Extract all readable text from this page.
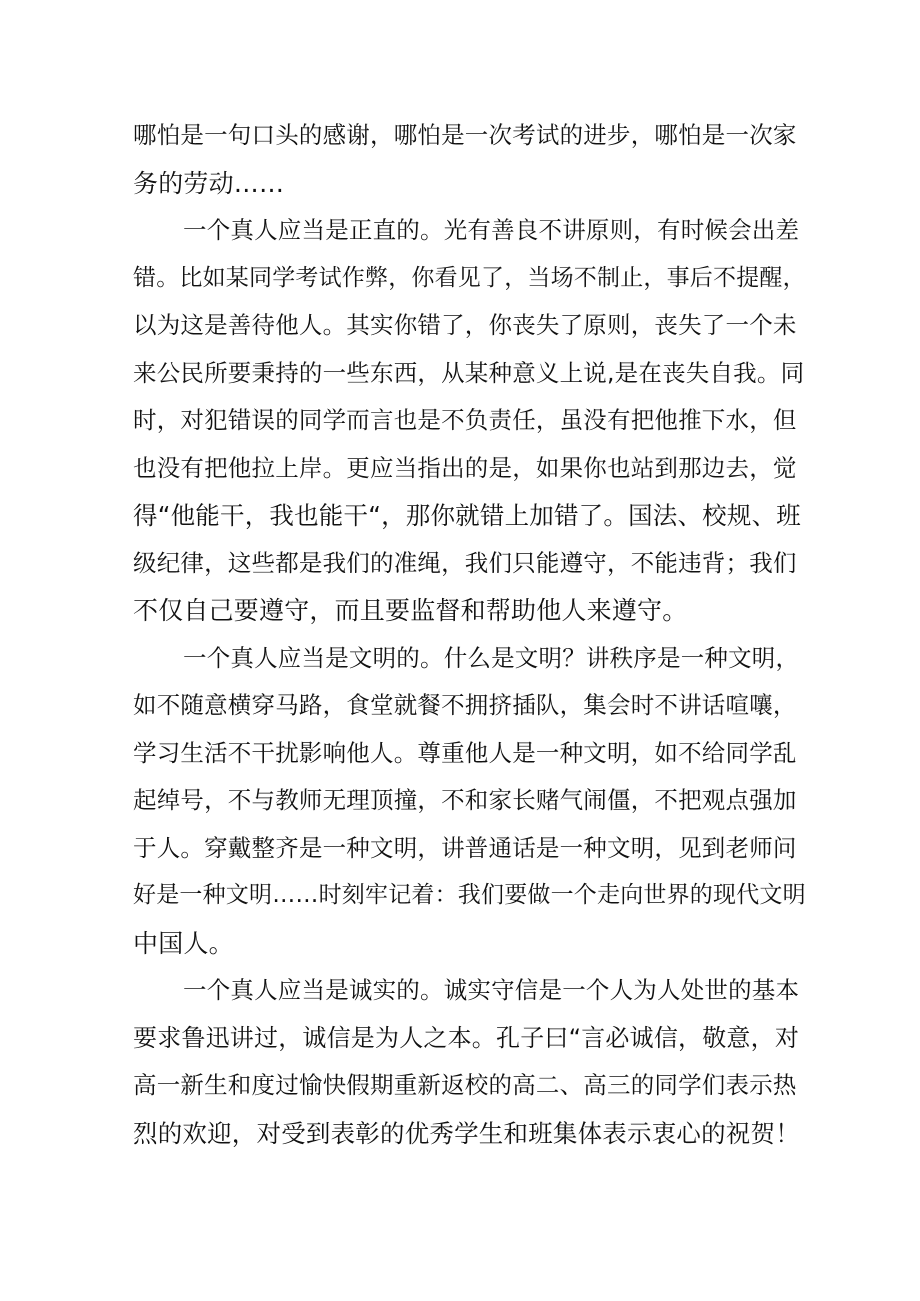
哪怕是一句口头的感谢，哪怕是一次考试的进步，哪怕是一次家
务的劳动……
一个真人应当是正直的。光有善良不讲原则，有时候会出差
错。比如某同学考试作弊，你看见了，当场不制止，事后不提醒，
以为这是善待他人。其实你错了，你丧失了原则，丧失了一个未
来公民所要秉持的一些东西，从某种意义上说,是在丧失自我。同
时，对犯错误的同学而言也是不负责任，虽没有把他推下水，但
也没有把他拉上岸。更应当指出的是，如果你也站到那边去，觉
得“他能干，我也能干“，那你就错上加错了。国法、校规、班
级纪律，这些都是我们的准绳，我们只能遵守，不能违背；我们
不仅自己要遵守，而且要监督和帮助他人来遵守。
一个真人应当是文明的。什么是文明？讲秩序是一种文明，
如不随意横穿马路，食堂就餐不拥挤插队，集会时不讲话喧嚷，
学习生活不干扰影响他人。尊重他人是一种文明，如不给同学乱
起绰号，不与教师无理顶撞，不和家长赌气闹僵，不把观点强加
于人。穿戴整齐是一种文明，讲普通话是一种文明，见到老师问
好是一种文明……时刻牢记着：我们要做一个走向世界的现代文明
中国人。
一个真人应当是诚实的。诚实守信是一个人为人处世的基本
要求鲁迅讲过，诚信是为人之本。孔子曰“言必诚信，敬意，对
高一新生和度过愉快假期重新返校的高二、高三的同学们表示热
烈的欢迎，对受到表彰的优秀学生和班集体表示衷心的祝贺！
